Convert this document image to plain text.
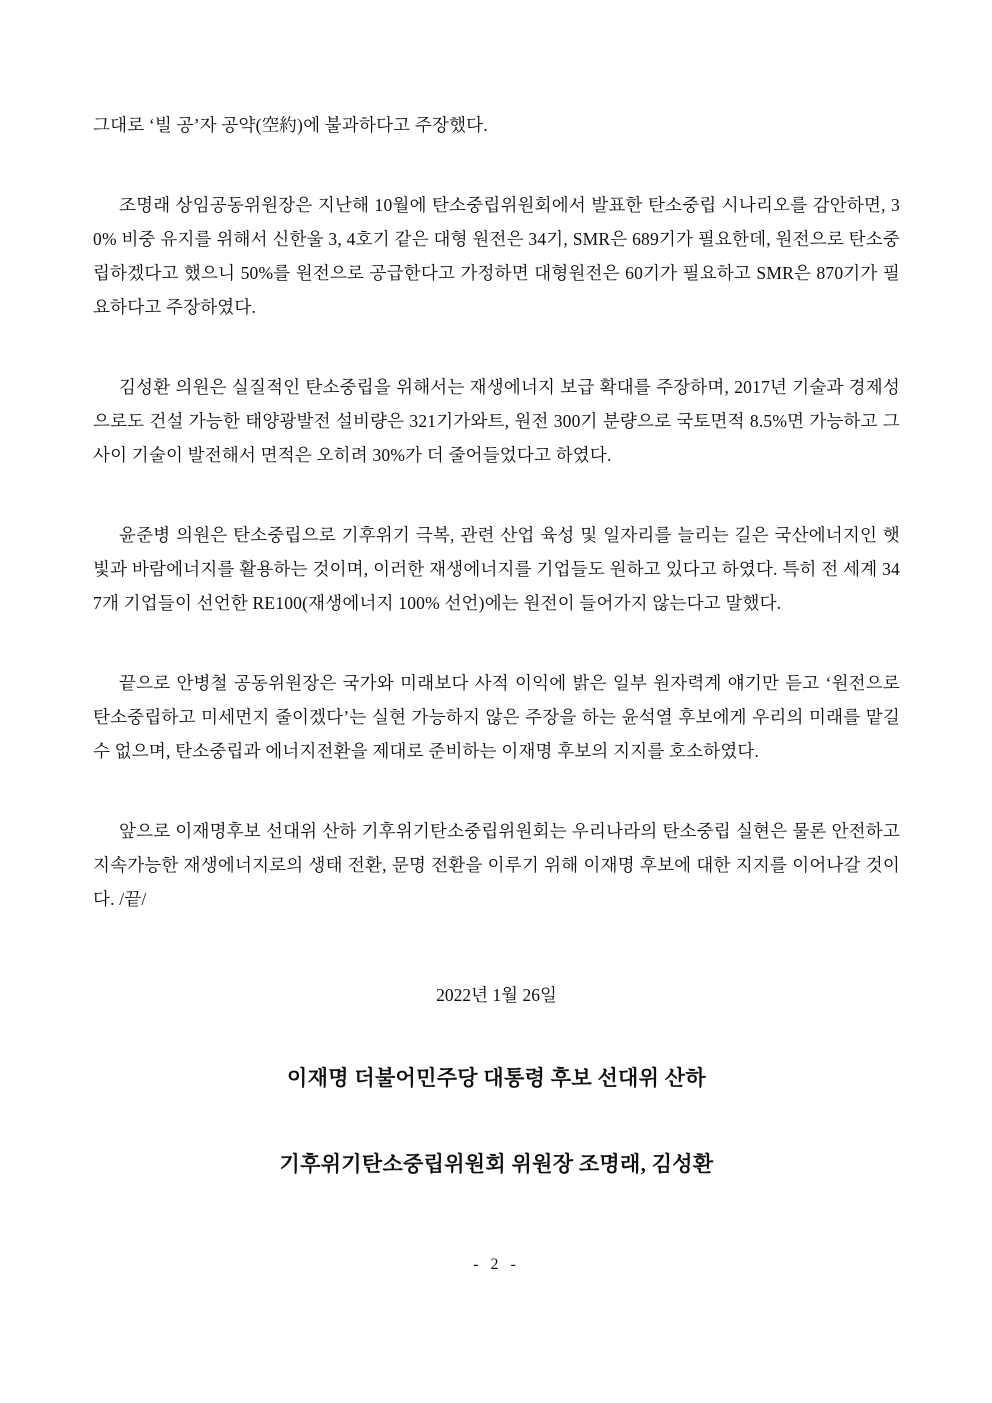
그대로 ‘빌 공’자 공약(空約)에 불과하다고 주장했다.

조명래 상임공동위원장은 지난해 10월에 탄소중립위원회에서 발표한 탄소중립 시나리오를 감안하면, 30% 비중 유지를 위해서 신한울 3, 4호기 같은 대형 원전은 34기, SMR은 689기가 필요한데, 원전으로 탄소중립하겠다고 했으니 50%를 원전으로 공급한다고 가정하면 대형원전은 60기가 필요하고 SMR은 870기가 필요하다고 주장하였다.

김성환 의원은 실질적인 탄소중립을 위해서는 재생에너지 보급 확대를 주장하며, 2017년 기술과 경제성으로도 건설 가능한 태양광발전 설비량은 321기가와트, 원전 300기 분량으로 국토면적 8.5%면 가능하고 그 사이 기술이 발전해서 면적은 오히려 30%가 더 줄어들었다고 하였다.

윤준병 의원은 탄소중립으로 기후위기 극복, 관련 산업 육성 및 일자리를 늘리는 길은 국산에너지인 햇빛과 바람에너지를 활용하는 것이며, 이러한 재생에너지를 기업들도 원하고 있다고 하였다. 특히 전 세계 347개 기업들이 선언한 RE100(재생에너지 100% 선언)에는 원전이 들어가지 않는다고 말했다.

끝으로 안병철 공동위원장은 국가와 미래보다 사적 이익에 밝은 일부 원자력계 얘기만 듣고 ‘원전으로 탄소중립하고 미세먼지 줄이겠다’는 실현 가능하지 않은 주장을 하는 윤석열 후보에게 우리의 미래를 맡길 수 없으며, 탄소중립과 에너지전환을 제대로 준비하는 이재명 후보의 지지를 호소하였다.

앞으로 이재명후보 선대위 산하 기후위기탄소중립위원회는 우리나라의 탄소중립 실현은 물론 안전하고 지속가능한 재생에너지로의 생태 전환, 문명 전환을 이루기 위해 이재명 후보에 대한 지지를 이어나갈 것이다. /끝/

2022년 1월 26일

이재명 더불어민주당 대통령 후보 선대위 산하

기후위기탄소중립위원회 위원장 조명래, 김성환

- 2 -
